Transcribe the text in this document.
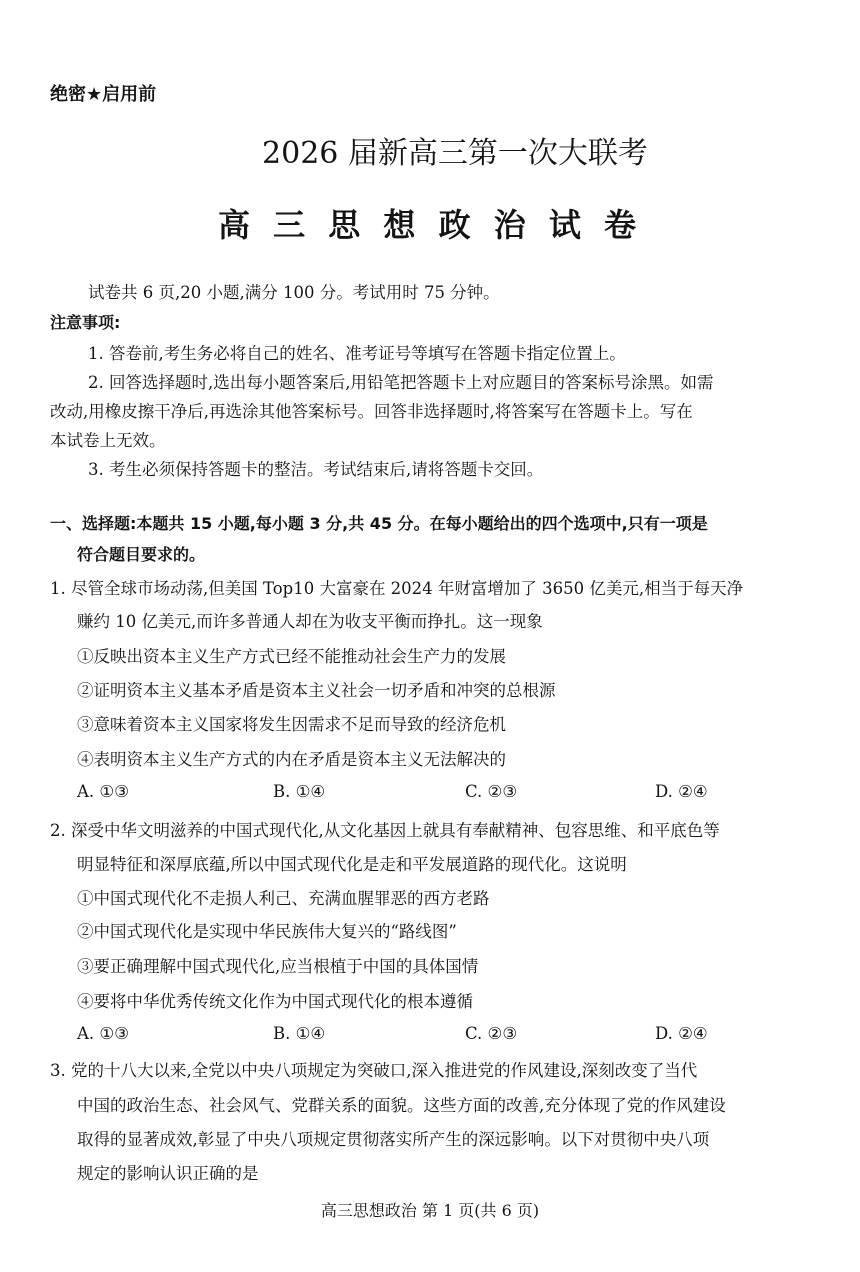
绝密★启用前
2026 届新高三第一次大联考
高 三 思 想 政 治 试 卷
试卷共 6 页,20 小题,满分 100 分。考试用时 75 分钟。
注意事项:
1. 答卷前,考生务必将自己的姓名、准考证号等填写在答题卡指定位置上。
2. 回答选择题时,选出每小题答案后,用铅笔把答题卡上对应题目的答案标号涂黑。如需
改动,用橡皮擦干净后,再选涂其他答案标号。回答非选择题时,将答案写在答题卡上。写在
本试卷上无效。
3. 考生必须保持答题卡的整洁。考试结束后,请将答题卡交回。
一、选择题:本题共 15 小题,每小题 3 分,共 45 分。在每小题给出的四个选项中,只有一项是
符合题目要求的。
1. 尽管全球市场动荡,但美国 Top10 大富豪在 2024 年财富增加了 3650 亿美元,相当于每天净
赚约 10 亿美元,而许多普通人却在为收支平衡而挣扎。这一现象
①反映出资本主义生产方式已经不能推动社会生产力的发展
②证明资本主义基本矛盾是资本主义社会一切矛盾和冲突的总根源
③意味着资本主义国家将发生因需求不足而导致的经济危机
④表明资本主义生产方式的内在矛盾是资本主义无法解决的
A. ①③	B. ①④	C. ②③	D. ②④
2. 深受中华文明滋养的中国式现代化,从文化基因上就具有奉献精神、包容思维、和平底色等
明显特征和深厚底蕴,所以中国式现代化是走和平发展道路的现代化。这说明
①中国式现代化不走损人利己、充满血腥罪恶的西方老路
②中国式现代化是实现中华民族伟大复兴的“路线图”
③要正确理解中国式现代化,应当根植于中国的具体国情
④要将中华优秀传统文化作为中国式现代化的根本遵循
A. ①③	B. ①④	C. ②③	D. ②④
3. 党的十八大以来,全党以中央八项规定为突破口,深入推进党的作风建设,深刻改变了当代
中国的政治生态、社会风气、党群关系的面貌。这些方面的改善,充分体现了党的作风建设
取得的显著成效,彰显了中央八项规定贯彻落实所产生的深远影响。以下对贯彻中央八项
规定的影响认识正确的是
高三思想政治 第 1 页(共 6 页)
